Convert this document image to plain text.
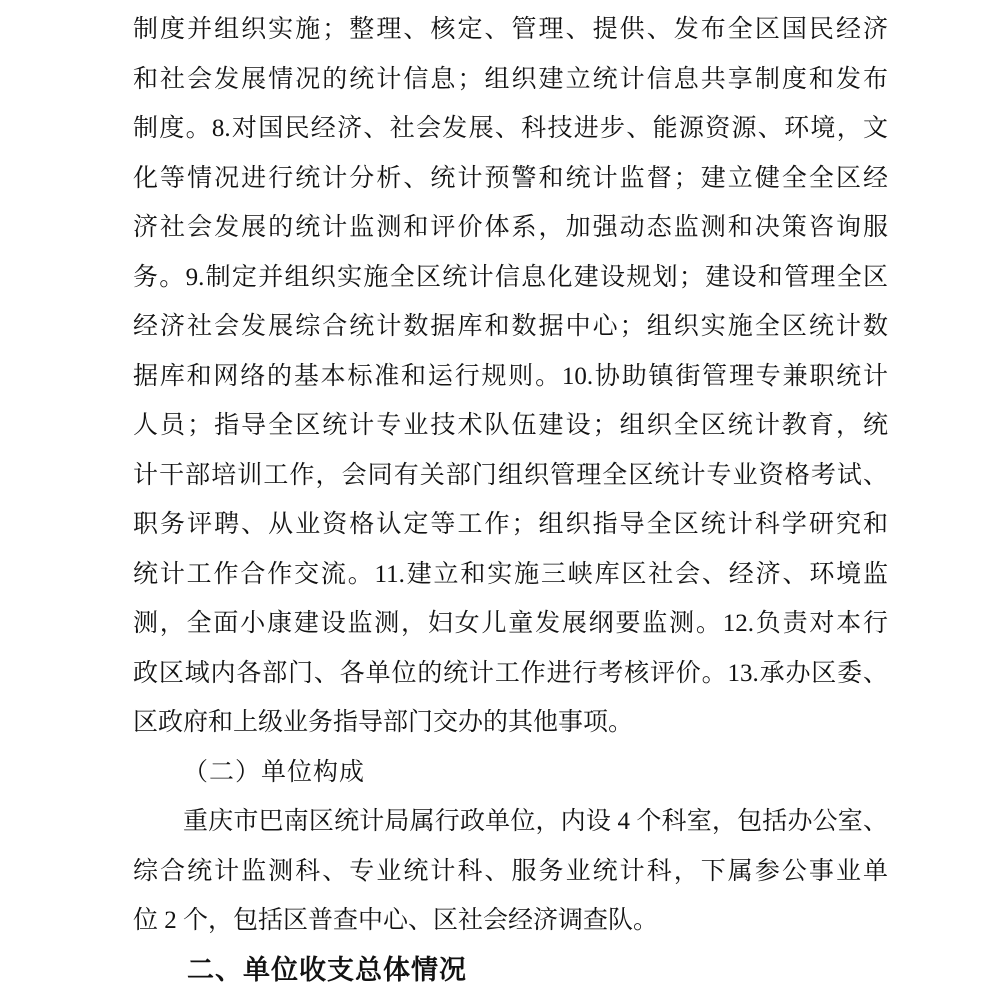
制度并组织实施；整理、核定、管理、提供、发布全区国民经济
和社会发展情况的统计信息；组织建立统计信息共享制度和发布
制度。8.对国民经济、社会发展、科技进步、能源资源、环境，文
化等情况进行统计分析、统计预警和统计监督；建立健全全区经
济社会发展的统计监测和评价体系，加强动态监测和决策咨询服
务。9.制定并组织实施全区统计信息化建设规划；建设和管理全区
经济社会发展综合统计数据库和数据中心；组织实施全区统计数
据库和网络的基本标准和运行规则。10.协助镇街管理专兼职统计
人员；指导全区统计专业技术队伍建设；组织全区统计教育，统
计干部培训工作，会同有关部门组织管理全区统计专业资格考试、
职务评聘、从业资格认定等工作；组织指导全区统计科学研究和
统计工作合作交流。11.建立和实施三峡库区社会、经济、环境监
测，全面小康建设监测，妇女儿童发展纲要监测。12.负责对本行
政区域内各部门、各单位的统计工作进行考核评价。13.承办区委、
区政府和上级业务指导部门交办的其他事项。
（二）单位构成
重庆市巴南区统计局属行政单位，内设 4 个科室，包括办公室、
综合统计监测科、专业统计科、服务业统计科，下属参公事业单
位 2 个，包括区普查中心、区社会经济调查队。
二、单位收支总体情况
